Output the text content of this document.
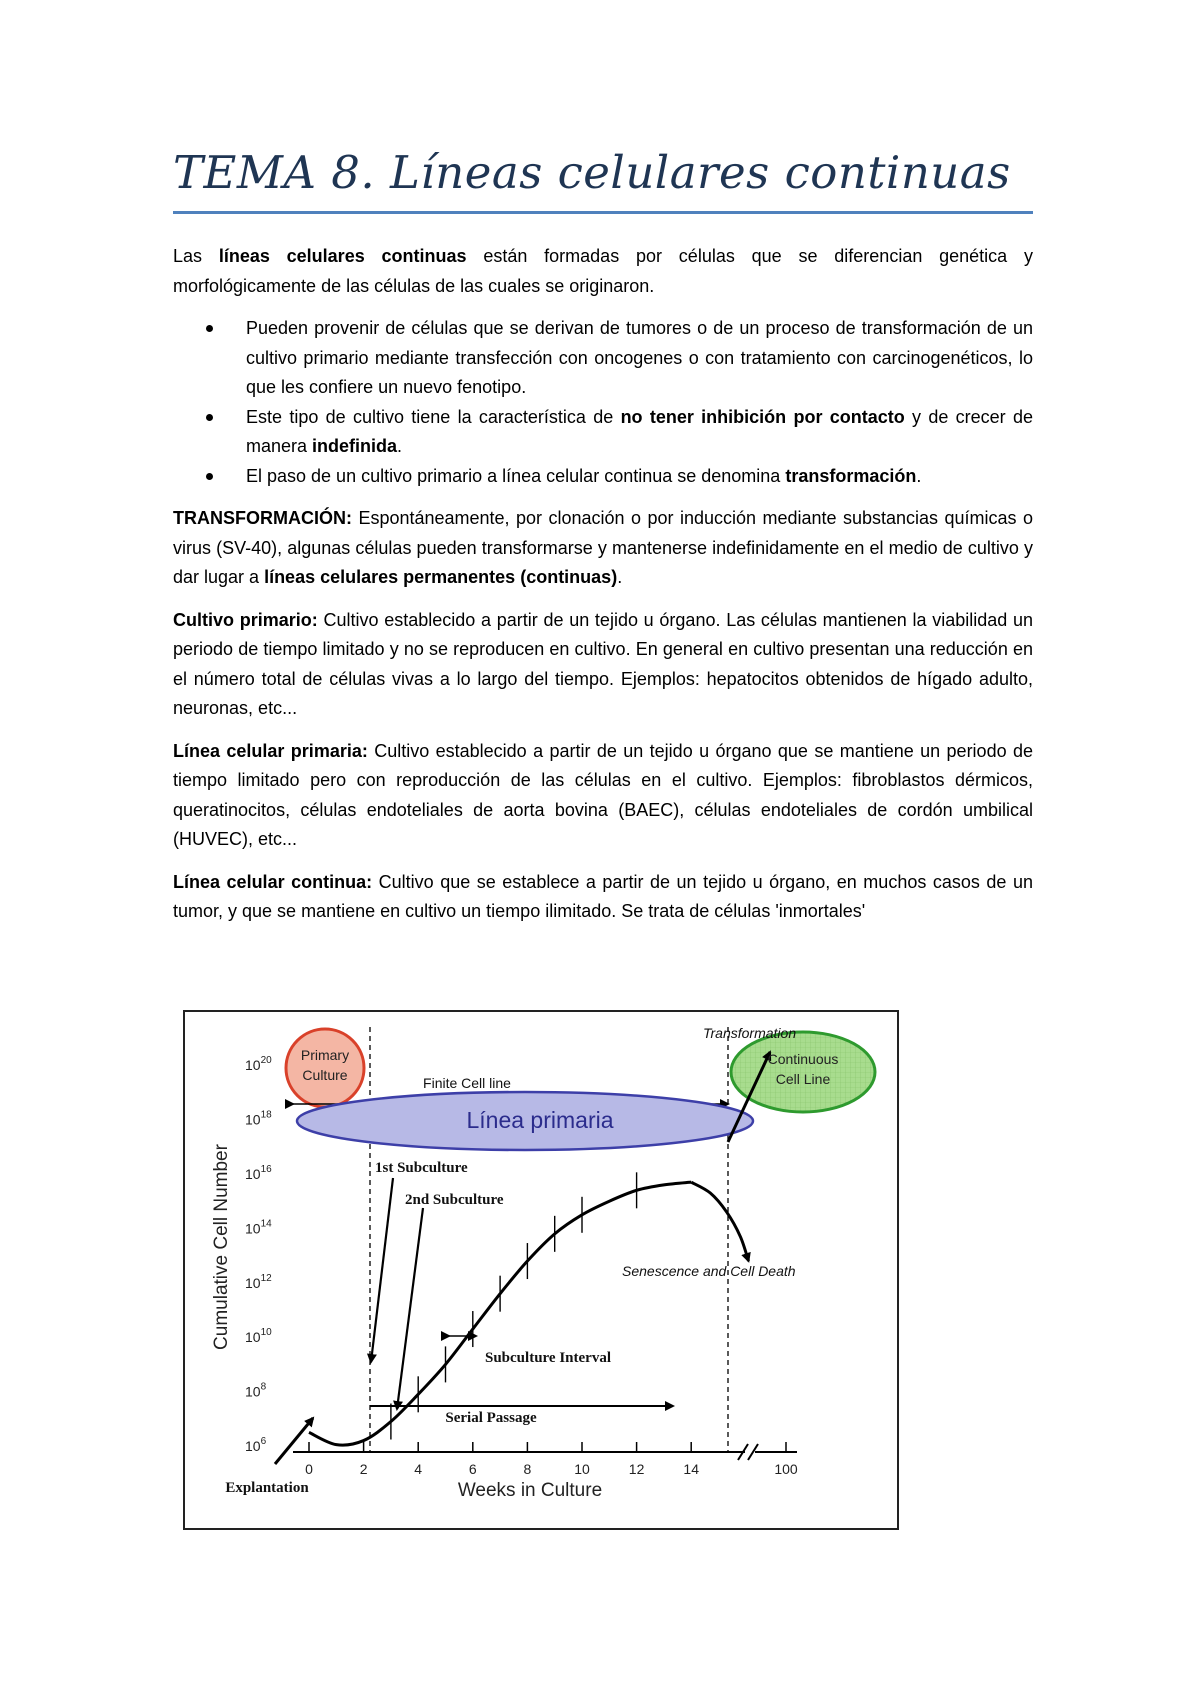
TEMA 8. Líneas celulares continuas

Las líneas celulares continuas están formadas por células que se diferencian genética y morfológicamente de las células de las cuales se originaron.

Pueden provenir de células que se derivan de tumores o de un proceso de transformación de un cultivo primario mediante transfección con oncogenes o con tratamiento con carcinogenéticos, lo que les confiere un nuevo fenotipo.
Este tipo de cultivo tiene la característica de no tener inhibición por contacto y de crecer de manera indefinida.
El paso de un cultivo primario a línea celular continua se denomina transformación.

TRANSFORMACIÓN: Espontáneamente, por clonación o por inducción mediante substancias químicas o virus (SV-40), algunas células pueden transformarse y mantenerse indefinidamente en el medio de cultivo y dar lugar a líneas celulares permanentes (continuas).

Cultivo primario: Cultivo establecido a partir de un tejido u órgano. Las células mantienen la viabilidad un periodo de tiempo limitado y no se reproducen en cultivo. En general en cultivo presentan una reducción en el número total de células vivas a lo largo del tiempo. Ejemplos: hepatocitos obtenidos de hígado adulto, neuronas, etc...

Línea celular primaria: Cultivo establecido a partir de un tejido u órgano que se mantiene un periodo de tiempo limitado pero con reproducción de las células en el cultivo. Ejemplos: fibroblastos dérmicos, queratinocitos, células endoteliales de aorta bovina (BAEC), células endoteliales de cordón umbilical (HUVEC), etc...

Línea celular continua: Cultivo que se establece a partir de un tejido u órgano, en muchos casos de un tumor, y que se mantiene en cultivo un tiempo ilimitado. Se trata de células 'inmortales'

0	2	4	6	8	10	12	14	100
$10^6$
$10^8$
$10^{10}$
$10^{12}$
$10^{14}$
$10^{16}$
$10^{18}$
$10^{20}$ Primary
Culture
Continuous
Cell Line
Finite Cell line
Línea primaria
Transformation
1st Subculture
2nd Subculture
Senescence and Cell Death
Subculture Interval
Serial Passage
Explantation	Weeks in Culture
Cumulative Cell Number
